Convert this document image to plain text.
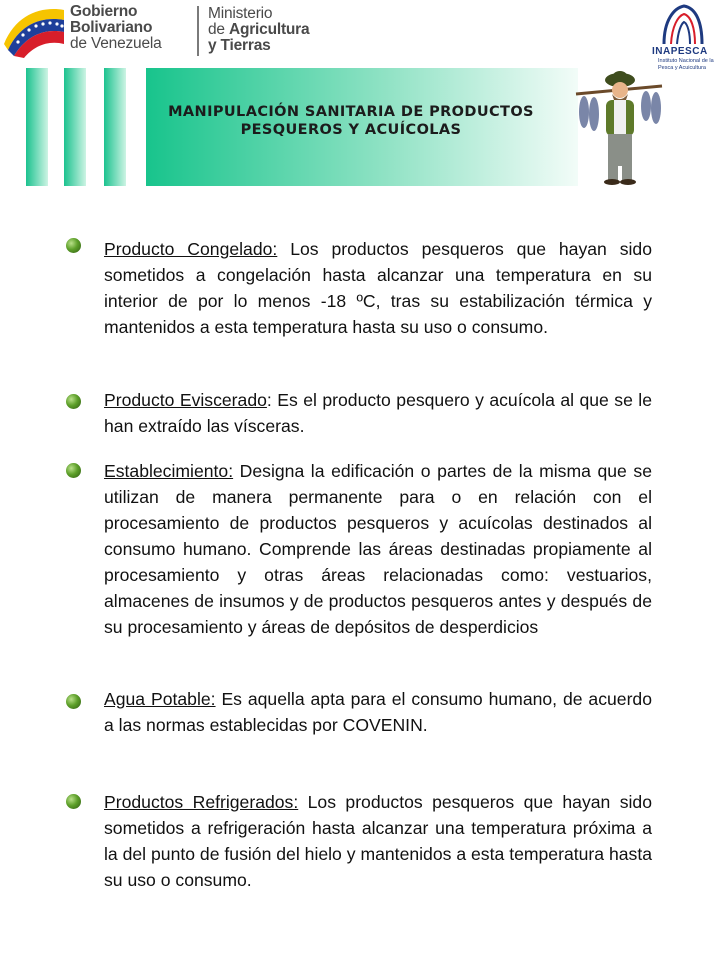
Gobierno
Bolivariano
de Venezuela
Ministerio
de Agricultura
y Tierras	INAPESCA
Instituto Nacional de la Pesca y Acuicultura
MANIPULACIÓN SANITARIA DE PRODUCTOS
PESQUEROS Y ACUÍCOLAS
Producto Congelado: Los productos pesqueros que hayan sido sometidos a congelación hasta alcanzar una temperatura en su interior de por lo menos -18 ºC, tras su estabilización térmica y mantenidos a esta temperatura hasta su uso o consumo.
Producto Eviscerado: Es el producto pesquero y acuícola al que se le han extraído las vísceras.
Establecimiento: Designa la edificación o partes de la misma que se utilizan de manera permanente para o en relación con el procesamiento de productos pesqueros y acuícolas destinados al consumo humano. Comprende las áreas destinadas propiamente al procesamiento y otras áreas relacionadas como: vestuarios, almacenes de insumos y de productos pesqueros antes y después de su procesamiento y áreas de depósitos de desperdicios
Agua Potable: Es aquella apta para el consumo humano, de acuerdo a las normas establecidas por COVENIN.
Productos Refrigerados: Los productos pesqueros que hayan sido sometidos a refrigeración hasta alcanzar una temperatura próxima a la del punto de fusión del hielo y mantenidos a esta temperatura hasta su uso o consumo.
